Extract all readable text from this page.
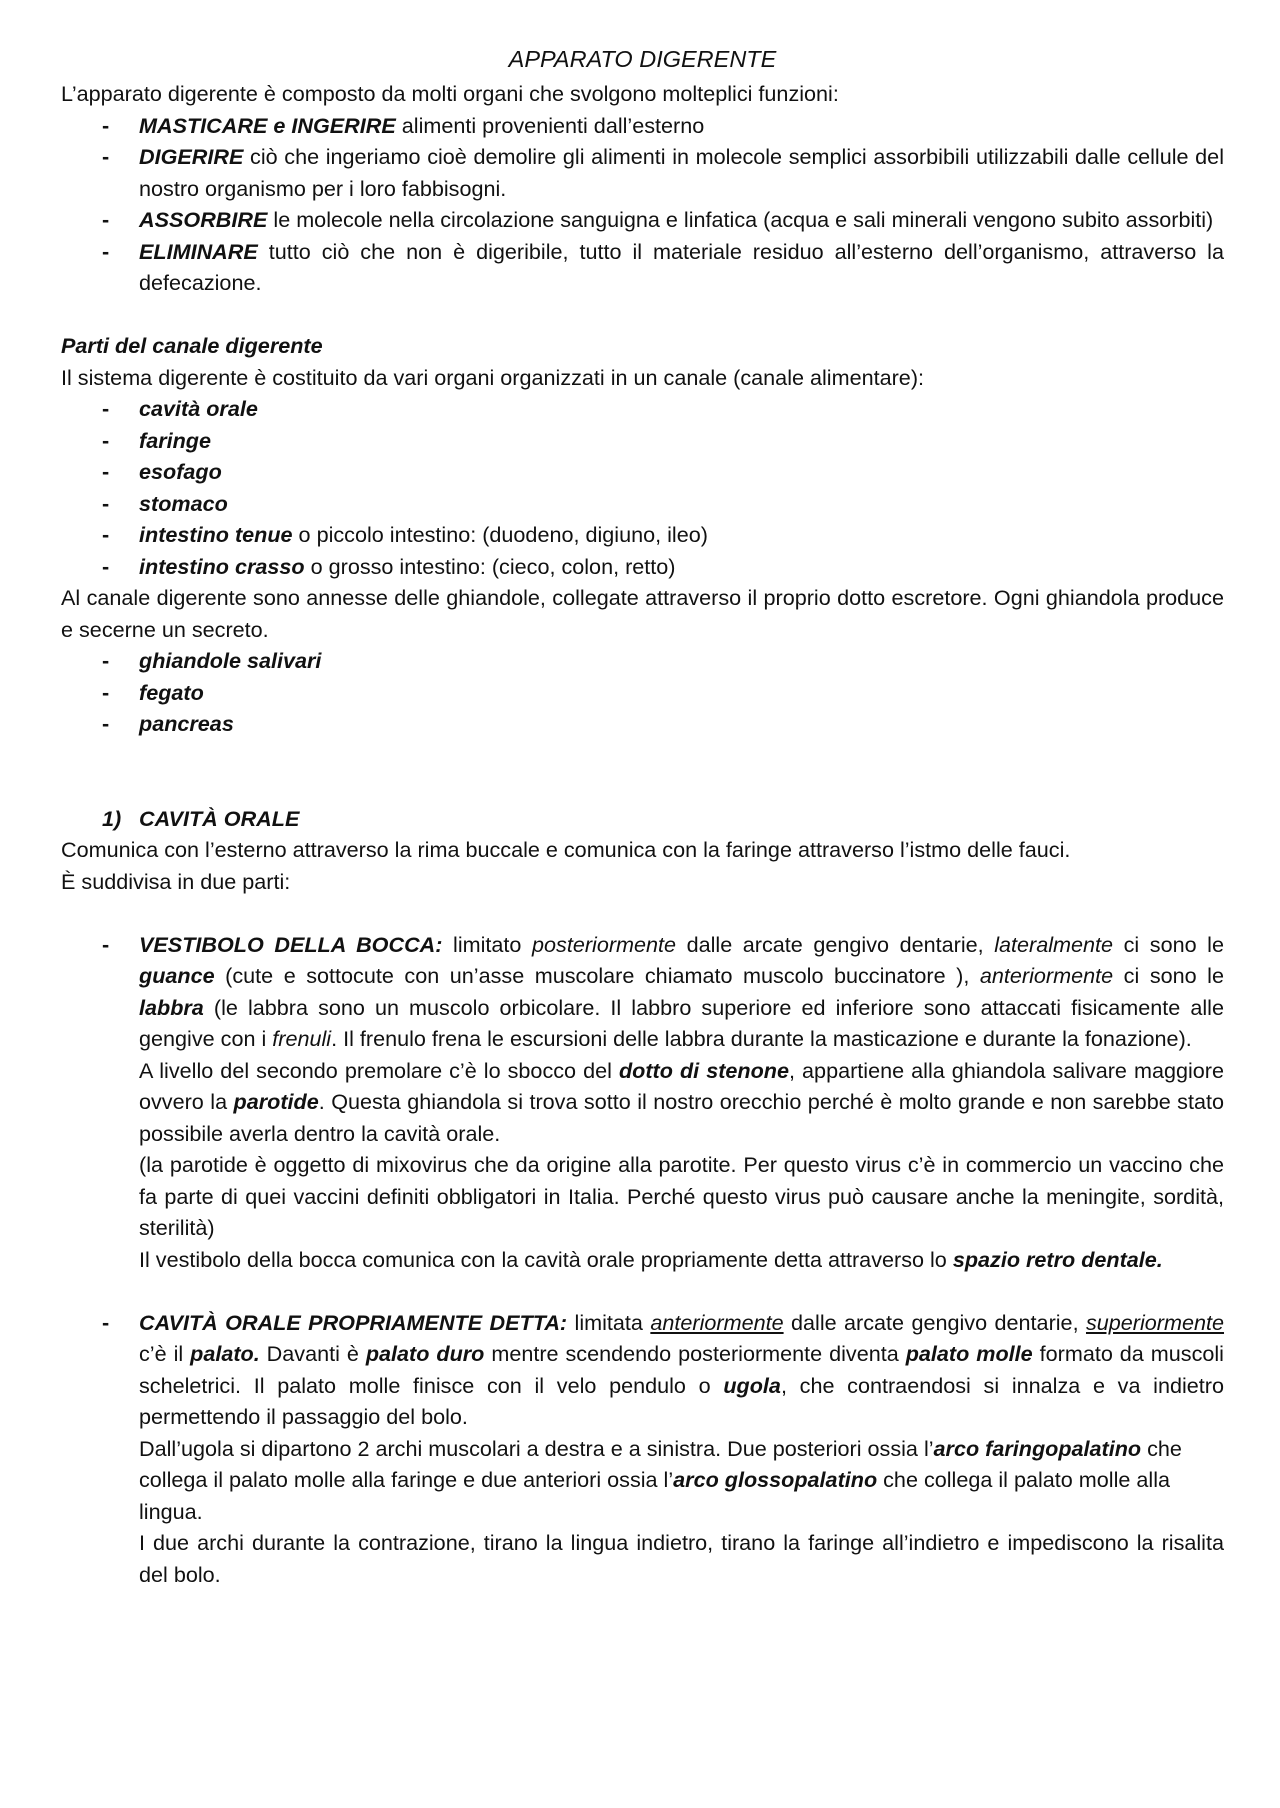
APPARATO DIGERENTE

L’apparato digerente è composto da molti organi che svolgono molteplici funzioni:

- MASTICARE e INGERIRE alimenti provenienti dall’esterno
- DIGERIRE ciò che ingeriamo cioè demolire gli alimenti in molecole semplici assorbibili utilizzabili dalle cellule del nostro organismo per i loro fabbisogni.
- ASSORBIRE le molecole nella circolazione sanguigna e linfatica (acqua e sali minerali vengono subito assorbiti)
- ELIMINARE tutto ciò che non è digeribile, tutto il materiale residuo all’esterno dell’organismo, attraverso la defecazione.

Parti del canale digerente

Il sistema digerente è costituito da vari organi organizzati in un canale (canale alimentare):

- cavità orale
- faringe
- esofago
- stomaco
- intestino tenue o piccolo intestino: (duodeno, digiuno, ileo)
- intestino crasso o grosso intestino: (cieco, colon, retto)

Al canale digerente sono annesse delle ghiandole, collegate attraverso il proprio dotto escretore. Ogni ghiandola produce e secerne un secreto.

- ghiandole salivari
- fegato
- pancreas

1) CAVITÀ ORALE

Comunica con l’esterno attraverso la rima buccale e comunica con la faringe attraverso l’istmo delle fauci.

È suddivisa in due parti:

- VESTIBOLO DELLA BOCCA: limitato posteriormente dalle arcate gengivo dentarie, lateralmente ci sono le guance (cute e sottocute con un’asse muscolare chiamato muscolo buccinatore ), anteriormente ci sono le labbra (le labbra sono un muscolo orbicolare. Il labbro superiore ed inferiore sono attaccati fisicamente alle gengive con i frenuli. Il frenulo frena le escursioni delle labbra durante la masticazione e durante la fonazione).

A livello del secondo premolare c’è lo sbocco del dotto di stenone, appartiene alla ghiandola salivare maggiore ovvero la parotide. Questa ghiandola si trova sotto il nostro orecchio perché è molto grande e non sarebbe stato possibile averla dentro la cavità orale.

(la parotide è oggetto di mixovirus che da origine alla parotite. Per questo virus c’è in commercio un vaccino che fa parte di quei vaccini definiti obbligatori in Italia. Perché questo virus può causare anche la meningite, sordità, sterilità)

Il vestibolo della bocca comunica con la cavità orale propriamente detta attraverso lo spazio retro dentale.

- CAVITÀ ORALE PROPRIAMENTE DETTA: limitata anteriormente dalle arcate gengivo dentarie, superiormente c’è il palato. Davanti è palato duro mentre scendendo posteriormente diventa palato molle formato da muscoli scheletrici. Il palato molle finisce con il velo pendulo o ugola, che contraendosi si innalza e va indietro permettendo il passaggio del bolo.

Dall’ugola si dipartono 2 archi muscolari a destra e a sinistra. Due posteriori ossia l’arco faringopalatino che collega il palato molle alla faringe e due anteriori ossia l’arco glossopalatino che collega il palato molle alla lingua.

I due archi durante la contrazione, tirano la lingua indietro, tirano la faringe all’indietro e impediscono la risalita del bolo.
